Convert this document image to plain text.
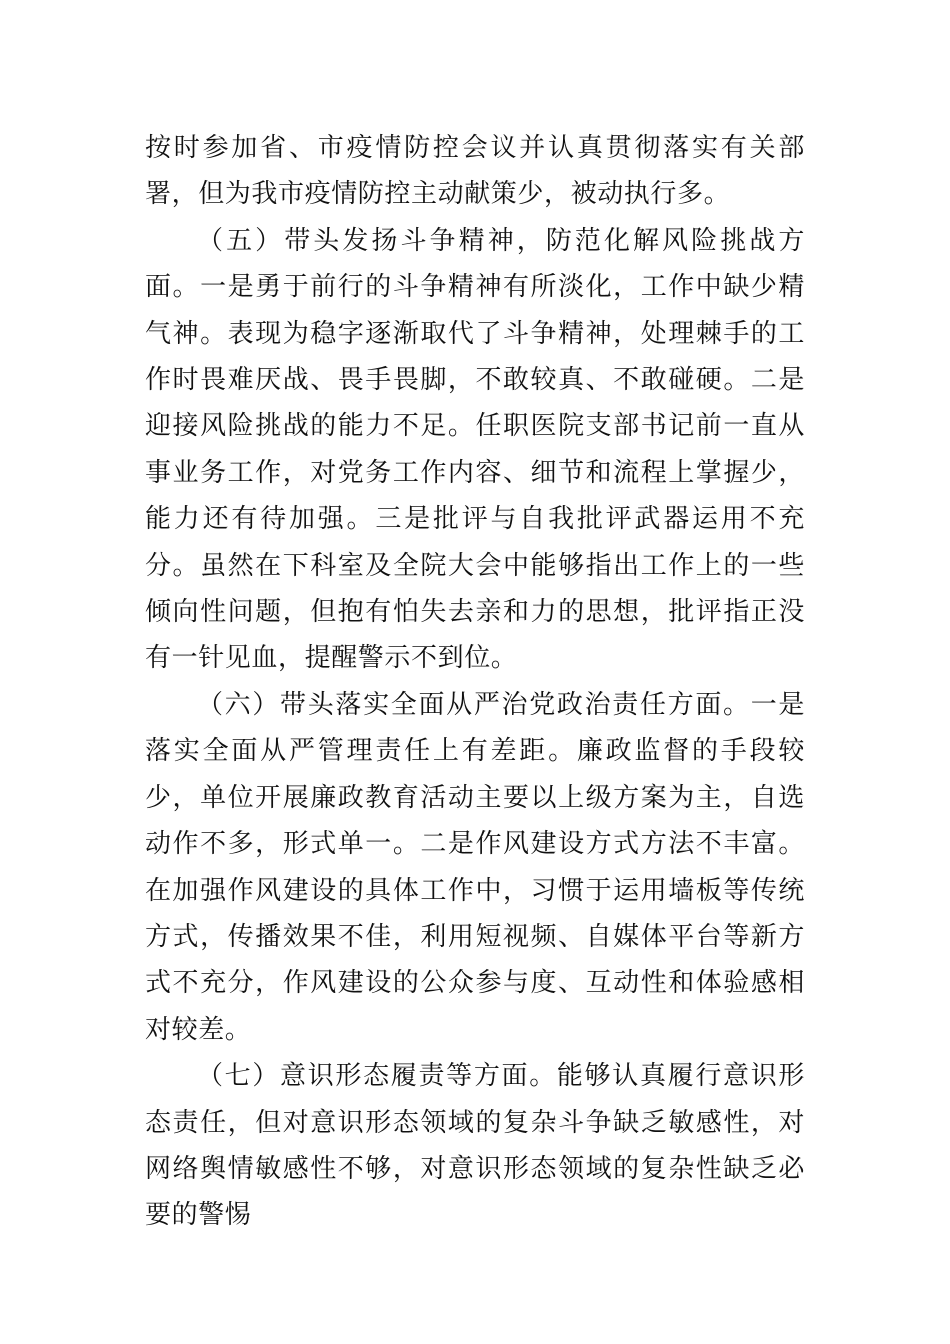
按时参加省、市疫情防控会议并认真贯彻落实有关部署，但为我市疫情防控主动献策少，被动执行多。

（五）带头发扬斗争精神，防范化解风险挑战方面。一是勇于前行的斗争精神有所淡化，工作中缺少精气神。表现为稳字逐渐取代了斗争精神，处理棘手的工作时畏难厌战、畏手畏脚，不敢较真、不敢碰硬。二是迎接风险挑战的能力不足。任职医院支部书记前一直从事业务工作，对党务工作内容、细节和流程上掌握少，能力还有待加强。三是批评与自我批评武器运用不充分。虽然在下科室及全院大会中能够指出工作上的一些倾向性问题，但抱有怕失去亲和力的思想，批评指正没有一针见血，提醒警示不到位。

（六）带头落实全面从严治党政治责任方面。一是落实全面从严管理责任上有差距。廉政监督的手段较少，单位开展廉政教育活动主要以上级方案为主，自选动作不多，形式单一。二是作风建设方式方法不丰富。在加强作风建设的具体工作中，习惯于运用墙板等传统方式，传播效果不佳，利用短视频、自媒体平台等新方式不充分，作风建设的公众参与度、互动性和体验感相对较差。

（七）意识形态履责等方面。能够认真履行意识形态责任，但对意识形态领域的复杂斗争缺乏敏感性，对网络舆情敏感性不够，对意识形态领域的复杂性缺乏必要的警惕
